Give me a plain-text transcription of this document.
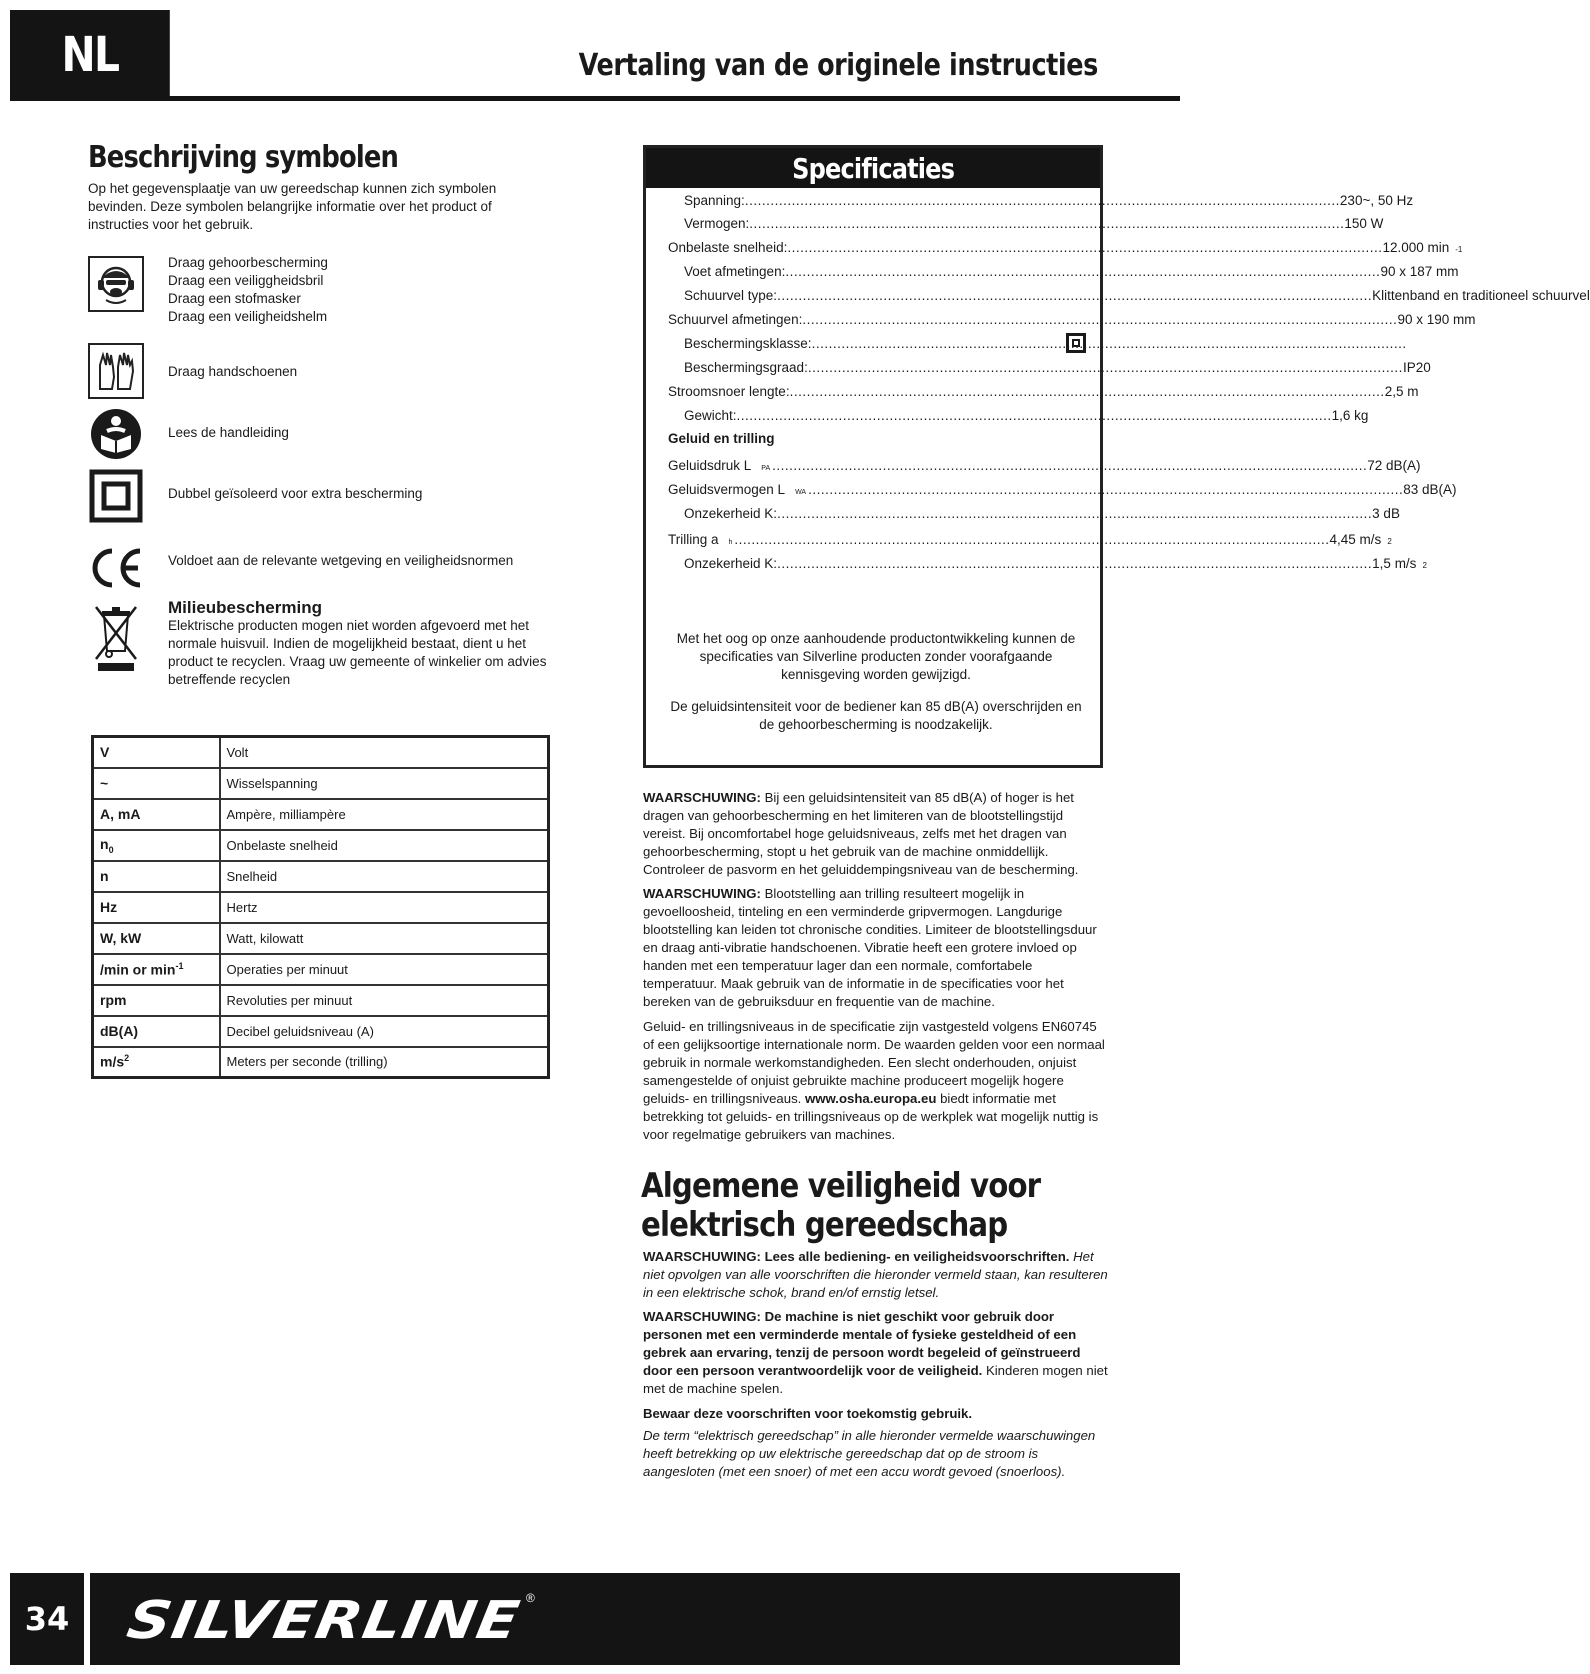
NL	Vertaling van de originele instructies
Beschrijving symbolen
Op het gegevensplaatje van uw gereedschap kunnen zich symbolen bevinden. Deze symbolen belangrijke informatie over het product of instructies voor het gebruik.
Draag gehoorbescherming
Draag een veiliggheidsbril
Draag een stofmasker
Draag een veiligheidshelm
Draag handschoenen
Lees de handleiding
Dubbel geïsoleerd voor extra bescherming
Voldoet aan de relevante wetgeving en veiligheidsnormen
Milieubescherming
Elektrische producten mogen niet worden afgevoerd met het normale huisvuil. Indien de mogelijkheid bestaat, dient u het product te recyclen. Vraag uw gemeente of winkelier om advies betreffende recyclen
V	Volt
~	Wisselspanning
A, mA	Ampère, milliampère
$n_0$	Onbelaste snelheid
n	Snelheid
Hz	Hertz
W, kW	Watt, kilowatt
/min or $\min^{-1}$	Operaties per minuut
rpm	Revoluties per minuut
dB(A)	Decibel geluidsniveau (A)
$m/s^2$	Meters per seconde (trilling)
Specificaties
Spanning: ............................................................................................................................................ 230~, 50 Hz
Vermogen: ............................................................................................................................................ 150 W
Onbelaste snelheid: ............................................................................................................................................ 12.000 min -1
Voet afmetingen: ............................................................................................................................................ 90 x 187 mm
Schuurvel type: ............................................................................................................................................ Klittenband en traditioneel schuurvel
Schuurvel afmetingen: ............................................................................................................................................ 90 x 190 mm
Beschermingsklasse: ............................................................................................................................................
Beschermingsgraad: ............................................................................................................................................ IP20
Stroomsnoer lengte: ............................................................................................................................................ 2,5 m
Gewicht: ............................................................................................................................................ 1,6 kg
Geluid en trilling
Geluidsdruk L PA ............................................................................................................................................ 72 dB(A)
Geluidsvermogen L WA ............................................................................................................................................ 83 dB(A)
Onzekerheid K: ............................................................................................................................................ 3 dB
Trilling a h ............................................................................................................................................ 4,45 m/s 2
Onzekerheid K: ............................................................................................................................................ 1,5 m/s 2
Met het oog op onze aanhoudende productontwikkeling kunnen de specificaties van Silverline producten zonder voorafgaande kennisgeving worden gewijzigd.
De geluidsintensiteit voor de bediener kan 85 dB(A) overschrijden en de gehoorbescherming is noodzakelijk.
WAARSCHUWING: Bij een geluidsintensiteit van 85 dB(A) of hoger is het dragen van gehoorbescherming en het limiteren van de blootstellingstijd vereist. Bij oncomfortabel hoge geluidsniveaus, zelfs met het dragen van gehoorbescherming, stopt u het gebruik van de machine onmiddellijk. Controleer de pasvorm en het geluiddempingsniveau van de bescherming.
WAARSCHUWING: Blootstelling aan trilling resulteert mogelijk in gevoelloosheid, tinteling en een verminderde gripvermogen. Langdurige blootstelling kan leiden tot chronische condities. Limiteer de blootstellingsduur en draag anti-vibratie handschoenen. Vibratie heeft een grotere invloed op handen met een temperatuur lager dan een normale, comfortabele temperatuur. Maak gebruik van de informatie in de specificaties voor het bereken van de gebruiksduur en frequentie van de machine.
Geluid- en trillingsniveaus in de specificatie zijn vastgesteld volgens EN60745 of een gelijksoortige internationale norm. De waarden gelden voor een normaal gebruik in normale werkomstandigheden. Een slecht onderhouden, onjuist samengestelde of onjuist gebruikte machine produceert mogelijk hogere geluids- en trillingsniveaus. www.osha.europa.eu biedt informatie met betrekking tot geluids- en trillingsniveaus op de werkplek wat mogelijk nuttig is voor regelmatige gebruikers van machines.
Algemene veiligheid voor
elektrisch gereedschap
WAARSCHUWING: Lees alle bediening- en veiligheidsvoorschriften. Het niet opvolgen van alle voorschriften die hieronder vermeld staan, kan resulteren in een elektrische schok, brand en/of ernstig letsel.
WAARSCHUWING: De machine is niet geschikt voor gebruik door personen met een verminderde mentale of fysieke gesteldheid of een gebrek aan ervaring, tenzij de persoon wordt begeleid of geïnstrueerd door een persoon verantwoordelijk voor de veiligheid. Kinderen mogen niet met de machine spelen.
Bewaar deze voorschriften voor toekomstig gebruik.
De term “elektrisch gereedschap” in alle hieronder vermelde waarschuwingen heeft betrekking op uw elektrische gereedschap dat op de stroom is aangesloten (met een snoer) of met een accu wordt gevoed (snoerloos).
34 SILVERLINE ®
